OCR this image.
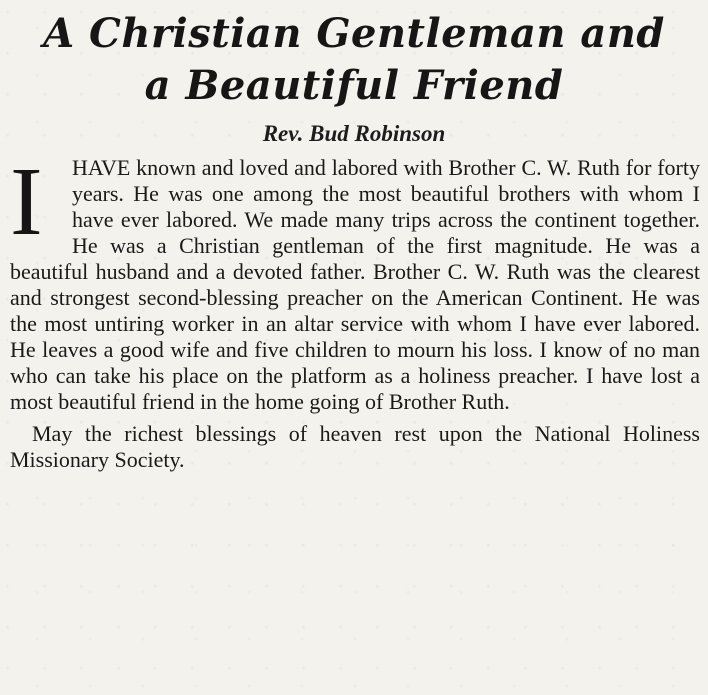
A Christian Gentleman and
a Beautiful Friend
Rev. Bud Robinson

I	HAVE known and loved and labored with Brother C. W. Ruth for forty years. He was one among the most beautiful brothers with whom I have ever labored. We made many trips across the continent together. He was a Christian gentleman of the first magnitude. He was a beautiful husband and a devoted father. Brother C. W. Ruth was the clearest and strongest second-blessing preacher on the American Continent. He was the most untiring worker in an altar service with whom I have ever labored. He leaves a good wife and five children to mourn his loss. I know of no man who can take his place on the platform as a holiness preacher. I have lost a most beautiful friend in the home going of Brother Ruth.

May the richest blessings of heaven rest upon the National Holiness Missionary Society.
